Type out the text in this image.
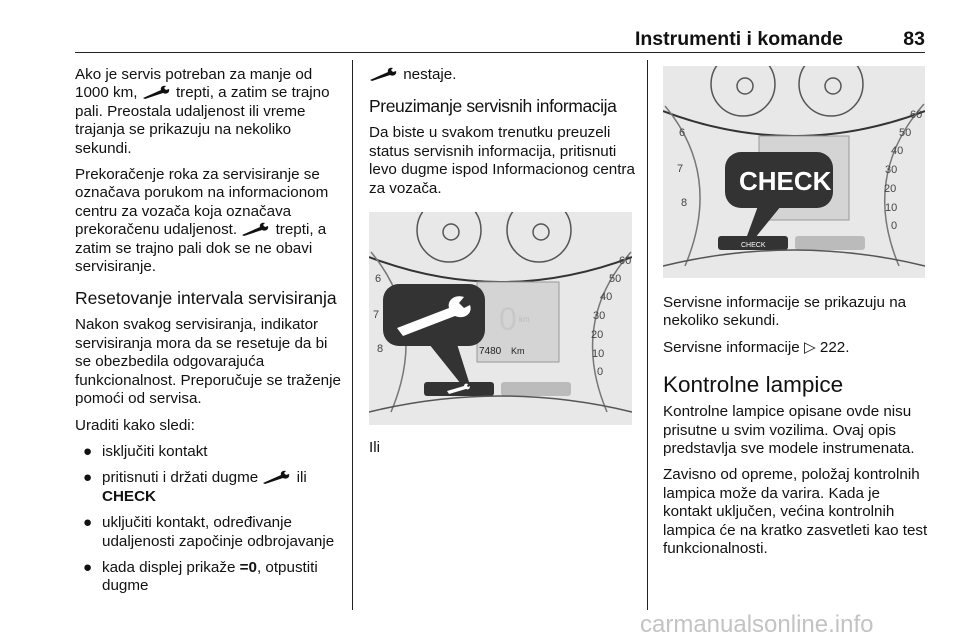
Instrumenti i komande	83

Ako je servis potreban za manje od 1000 km,	trepti, a zatim se trajno pali. Preostala udaljenost ili vreme trajanja se prikazuju na nekoliko sekundi.

Prekoračenje roka za servisiranje se označava porukom na informacionom centru za vozača koja označava prekoračenu udaljenost.	trepti, a zatim se trajno pali dok se ne obavi servisiranje.

Resetovanje intervala servisiranja

Nakon svakog servisiranja, indikator servisiranja mora da se resetuje da bi se obezbedila odgovarajuća funkcionalnost. Preporučuje se traženje pomoći od servisa.

Uraditi kako sledi:

● isključiti kontakt
● pritisnuti i držati dugme	ili
CHECK
● uključiti kontakt, određivanje udaljenosti započinje odbrojavanje
● kada displej prikaže =0, otpustiti dugme

nestaje.

Preuzimanje servisnih informacija

Da biste u svakom trenutku preuzeli status servisnih informacija, pritisnuti levo dugme ispod Informacionog centra za vozača.

60
50
40
30
20
10
0
6
7
8
0 km
7480 Km

Ili

60
50
40
30
20
10
0
6
7
8
CHECK
CHECK

Servisne informacije se prikazuju na nekoliko sekundi.

Servisne informacije ▷ 222.

Kontrolne lampice

Kontrolne lampice opisane ovde nisu prisutne u svim vozilima. Ovaj opis predstavlja sve modele instrumenata.

Zavisno od opreme, položaj kontrolnih lampica može da varira. Kada je kontakt uključen, većina kontrolnih lampica će na kratko zasvetleti kao test funkcionalnosti.

carmanualsonline.info
